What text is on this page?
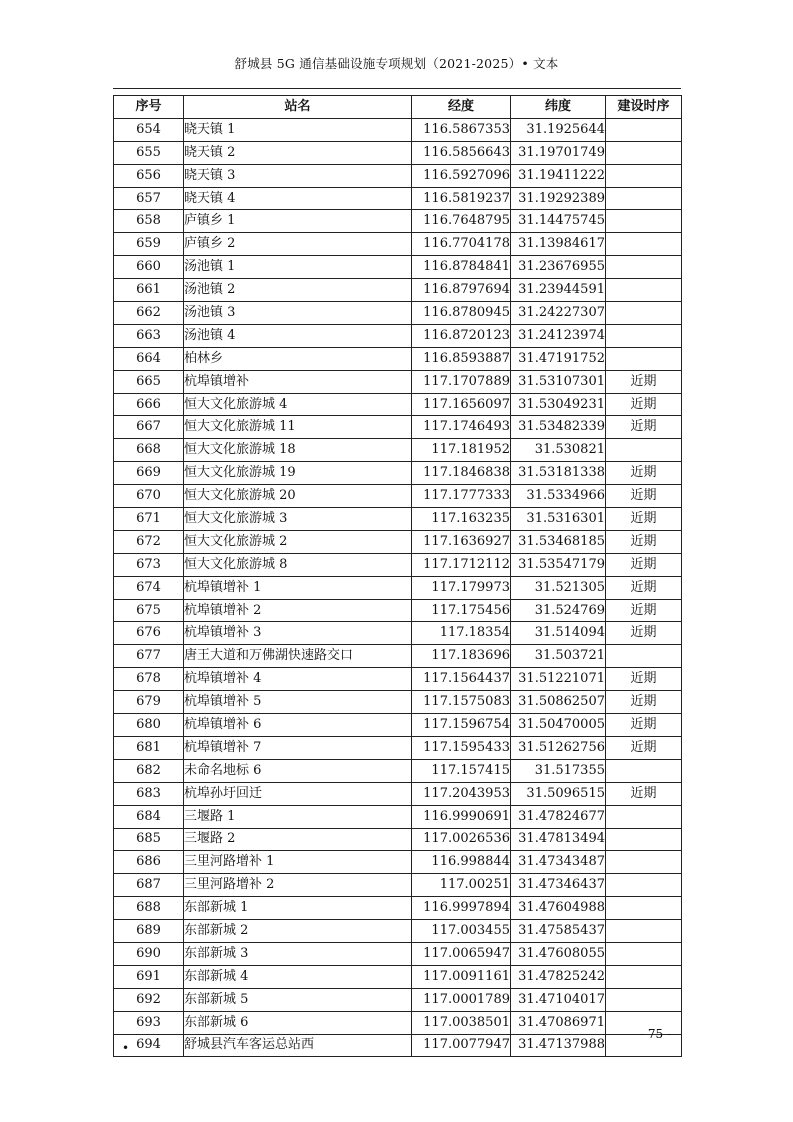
舒城县 5G 通信基础设施专项规划（2021-2025）• 文本
序号	站名	经度	纬度	建设时序
654	晓天镇 1	116.5867353	31.1925644	
655	晓天镇 2	116.5856643	31.19701749	
656	晓天镇 3	116.5927096	31.19411222	
657	晓天镇 4	116.5819237	31.19292389	
658	庐镇乡 1	116.7648795	31.14475745	
659	庐镇乡 2	116.7704178	31.13984617	
660	汤池镇 1	116.8784841	31.23676955	
661	汤池镇 2	116.8797694	31.23944591	
662	汤池镇 3	116.8780945	31.24227307	
663	汤池镇 4	116.8720123	31.24123974	
664	柏林乡	116.8593887	31.47191752	
665	杭埠镇增补	117.1707889	31.53107301	近期
666	恒大文化旅游城 4	117.1656097	31.53049231	近期
667	恒大文化旅游城 11	117.1746493	31.53482339	近期
668	恒大文化旅游城 18	117.181952	31.530821	
669	恒大文化旅游城 19	117.1846838	31.53181338	近期
670	恒大文化旅游城 20	117.1777333	31.5334966	近期
671	恒大文化旅游城 3	117.163235	31.5316301	近期
672	恒大文化旅游城 2	117.1636927	31.53468185	近期
673	恒大文化旅游城 8	117.1712112	31.53547179	近期
674	杭埠镇增补 1	117.179973	31.521305	近期
675	杭埠镇增补 2	117.175456	31.524769	近期
676	杭埠镇增补 3	117.18354	31.514094	近期
677	唐王大道和万佛湖快速路交口	117.183696	31.503721	
678	杭埠镇增补 4	117.1564437	31.51221071	近期
679	杭埠镇增补 5	117.1575083	31.50862507	近期
680	杭埠镇增补 6	117.1596754	31.50470005	近期
681	杭埠镇增补 7	117.1595433	31.51262756	近期
682	未命名地标 6	117.157415	31.517355	
683	杭埠孙圩回迁	117.2043953	31.5096515	近期
684	三堰路 1	116.9990691	31.47824677	
685	三堰路 2	117.0026536	31.47813494	
686	三里河路增补 1	116.998844	31.47343487	
687	三里河路增补 2	117.00251	31.47346437	
688	东部新城 1	116.9997894	31.47604988	
689	东部新城 2	117.003455	31.47585437	
690	东部新城 3	117.0065947	31.47608055	
691	东部新城 4	117.0091161	31.47825242	
692	东部新城 5	117.0001789	31.47104017	
693	东部新城 6	117.0038501	31.47086971	
694	舒城县汽车客运总站西	117.0077947	31.47137988	
- 75 -
•
